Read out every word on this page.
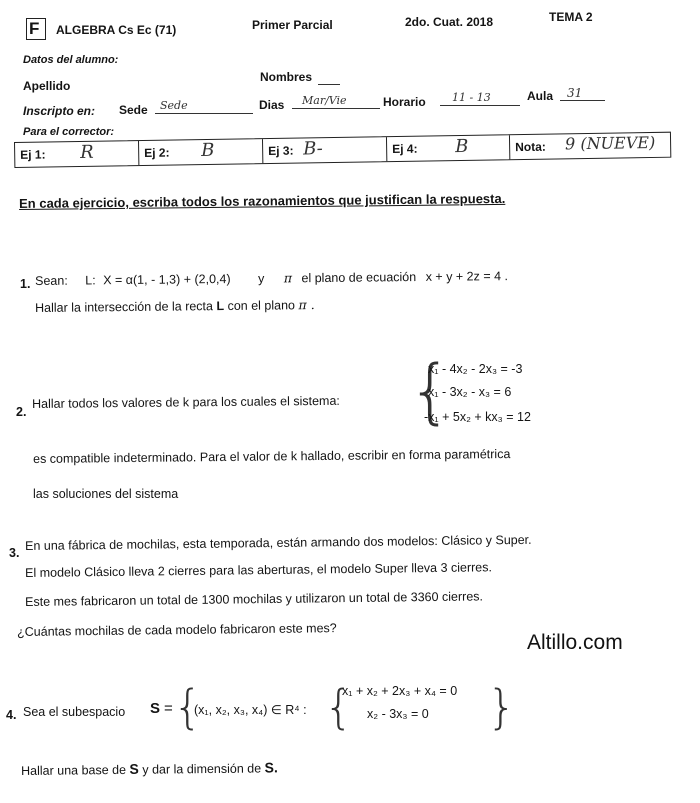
F ALGEBRA Cs Ec (71)	Primer Parcial	2do. Cuat. 2018	TEMA 2
Datos del alumno:
Apellido
Nombres
Inscripto en: Sede Sede	Dias Mar/Vie	Horario 11 - 13	Aula 31
Para el corrector:
Ej 1: R	Ej 2: B	Ej 3: B-	Ej 4: B	Nota: 9 (NUEVE)
En cada ejercicio, escriba todos los razonamientos que justifican la respuesta.
1. Sean: L: X = α(1, - 1,3) + (2,0,4) y π el plano de ecuación x + y + 2z = 4 .
Hallar la intersección de la recta L con el plano π .
2.
Hallar todos los valores de k para los cuales el sistema: {
x₁ - 4x₂ - 2x₃ = -3
x₁ - 3x₂ - x₃ = 6
-x₁ + 5x₂ + kx₃ = 12
es compatible indeterminado. Para el valor de k hallado, escribir en forma paramétrica
las soluciones del sistema
3.
En una fábrica de mochilas, esta temporada, están armando dos modelos: Clásico y Super.
El modelo Clásico lleva 2 cierres para las aberturas, el modelo Super lleva 3 cierres.
Este mes fabricaron un total de 1300 mochilas y utilizaron un total de 3360 cierres.
¿Cuántas mochilas de cada modelo fabricaron este mes?
Altillo.com
4. Sea el subespacio S = {
(x₁, x₂, x₃, x₄) ∈ R⁴ : {
x₁ + x₂ + 2x₃ + x₄ = 0
x₂ - 3x₃ = 0 }
Hallar una base de S y dar la dimensión de S.
